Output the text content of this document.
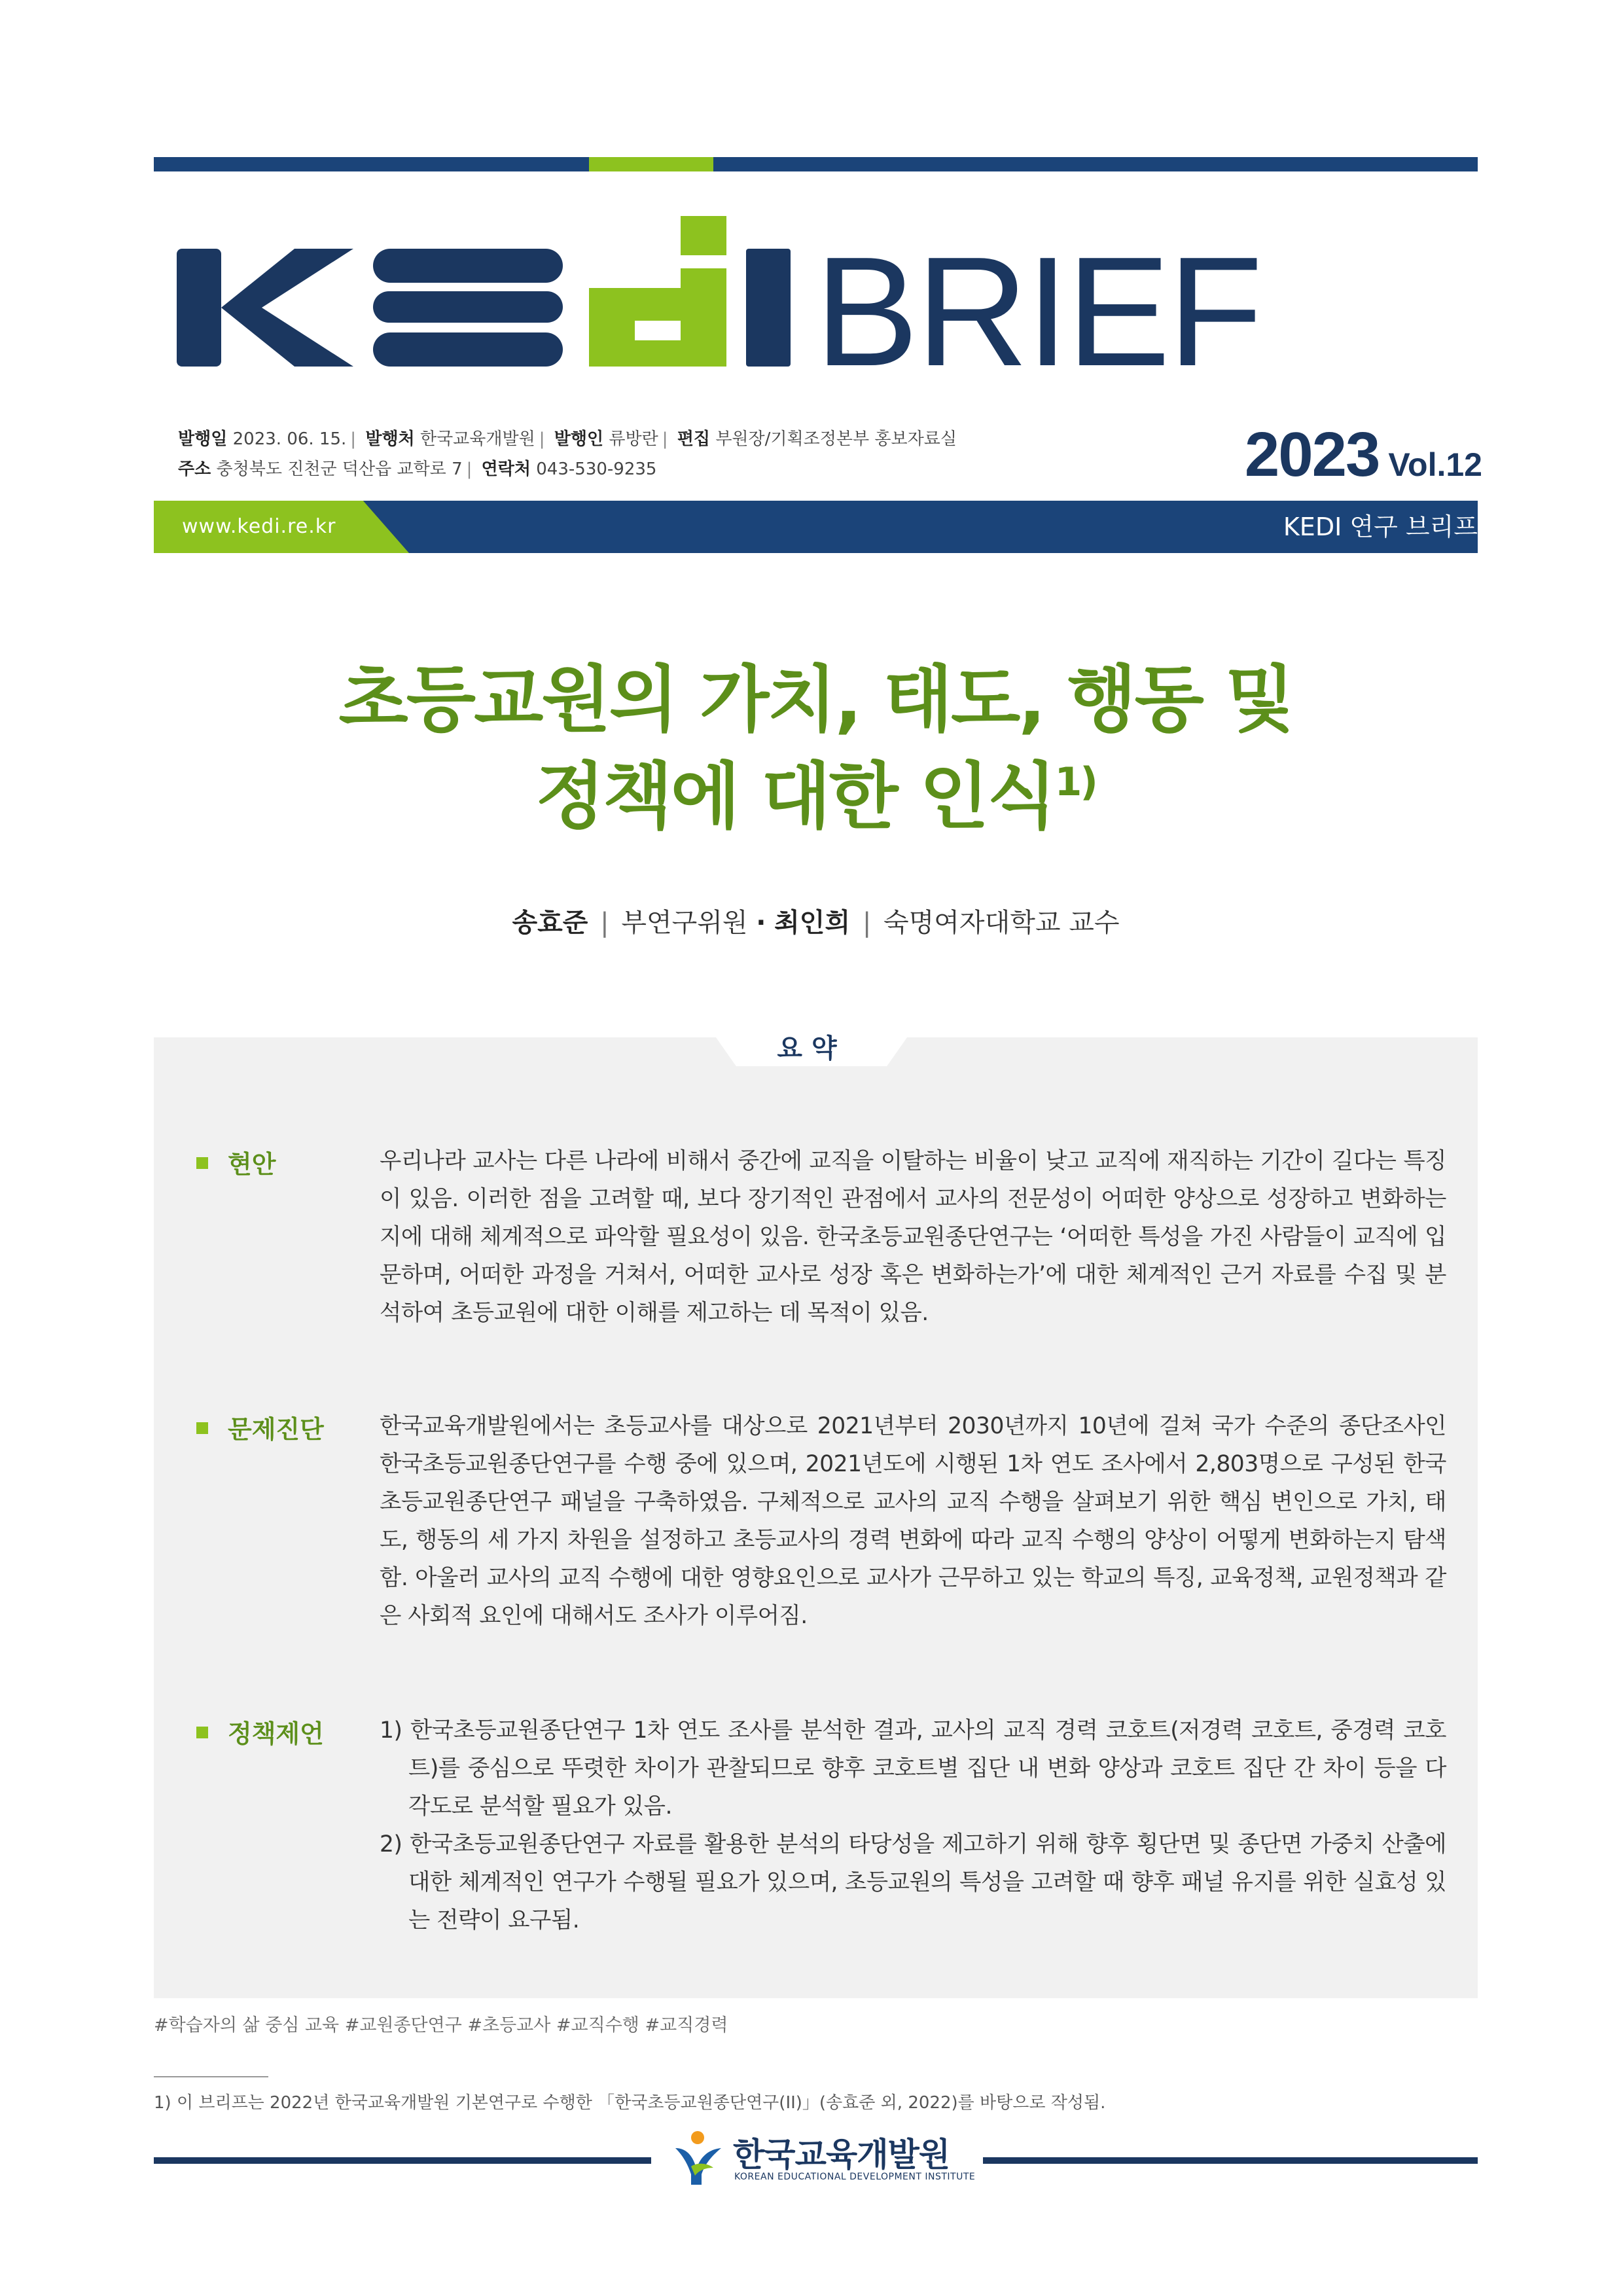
BRIEF
발행일 2023. 06. 15. | 발행처 한국교육개발원 | 발행인 류방란 | 편집 부원장/기획조정본부 홍보자료실
주소 충청북도 진천군 덕산읍 교학로 7 | 연락처 043-530-9235	2023 Vol.12
www.kedi.re.kr	KEDI 연구 브리프
초등교원의 가치, 태도, 행동 및
정책에 대한 인식$^{1)}$
송효준 | 부연구위원 · 최인희 | 숙명여자대학교 교수
요약
현안	우리나라 교사는 다른 나라에 비해서 중간에 교직을 이탈하는 비율이 낮고 교직에 재직하는 기간이 길다는 특징이 있음. 이러한 점을 고려할 때, 보다 장기적인 관점에서 교사의 전문성이 어떠한 양상으로 성장하고 변화하는지에 대해 체계적으로 파악할 필요성이 있음. 한국초등교원종단연구는 ‘어떠한 특성을 가진 사람들이 교직에 입문하며, 어떠한 과정을 거쳐서, 어떠한 교사로 성장 혹은 변화하는가’에 대한 체계적인 근거 자료를 수집 및 분석하여 초등교원에 대한 이해를 제고하는 데 목적이 있음.

문제진단 한국교육개발원에서는 초등교사를 대상으로 2021년부터 2030년까지 10년에 걸쳐 국가 수준의 종단조사인 한국초등교원종단연구를 수행 중에 있으며, 2021년도에 시행된 1차 연도 조사에서 2,803명으로 구성된 한국초등교원종단연구 패널을 구축하였음. 구체적으로 교사의 교직 수행을 살펴보기 위한 핵심 변인으로 가치, 태도, 행동의 세 가지 차원을 설정하고 초등교사의 경력 변화에 따라 교직 수행의 양상이 어떻게 변화하는지 탐색함. 아울러 교사의 교직 수행에 대한 영향요인으로 교사가 근무하고 있는 학교의 특징, 교육정책, 교원정책과 같은 사회적 요인에 대해서도 조사가 이루어짐.

정책제언 1) 한국초등교원종단연구 1차 연도 조사를 분석한 결과, 교사의 교직 경력 코호트(저경력 코호트, 중경력 코호트)를 중심으로 뚜렷한 차이가 관찰되므로 향후 코호트별 집단 내 변화 양상과 코호트 집단 간 차이 등을 다각도로 분석할 필요가 있음.

2) 한국초등교원종단연구 자료를 활용한 분석의 타당성을 제고하기 위해 향후 횡단면 및 종단면 가중치 산출에 대한 체계적인 연구가 수행될 필요가 있으며, 초등교원의 특성을 고려할 때 향후 패널 유지를 위한 실효성 있는 전략이 요구됨.

#학습자의 삶 중심 교육 #교원종단연구 #초등교사 #교직수행 #교직경력
1) 이 브리프는 2022년 한국교육개발원 기본연구로 수행한 「한국초등교원종단연구(II)」(송효준 외, 2022)를 바탕으로 작성됨.
한국교육개발원
KOREAN EDUCATIONAL DEVELOPMENT INSTITUTE
